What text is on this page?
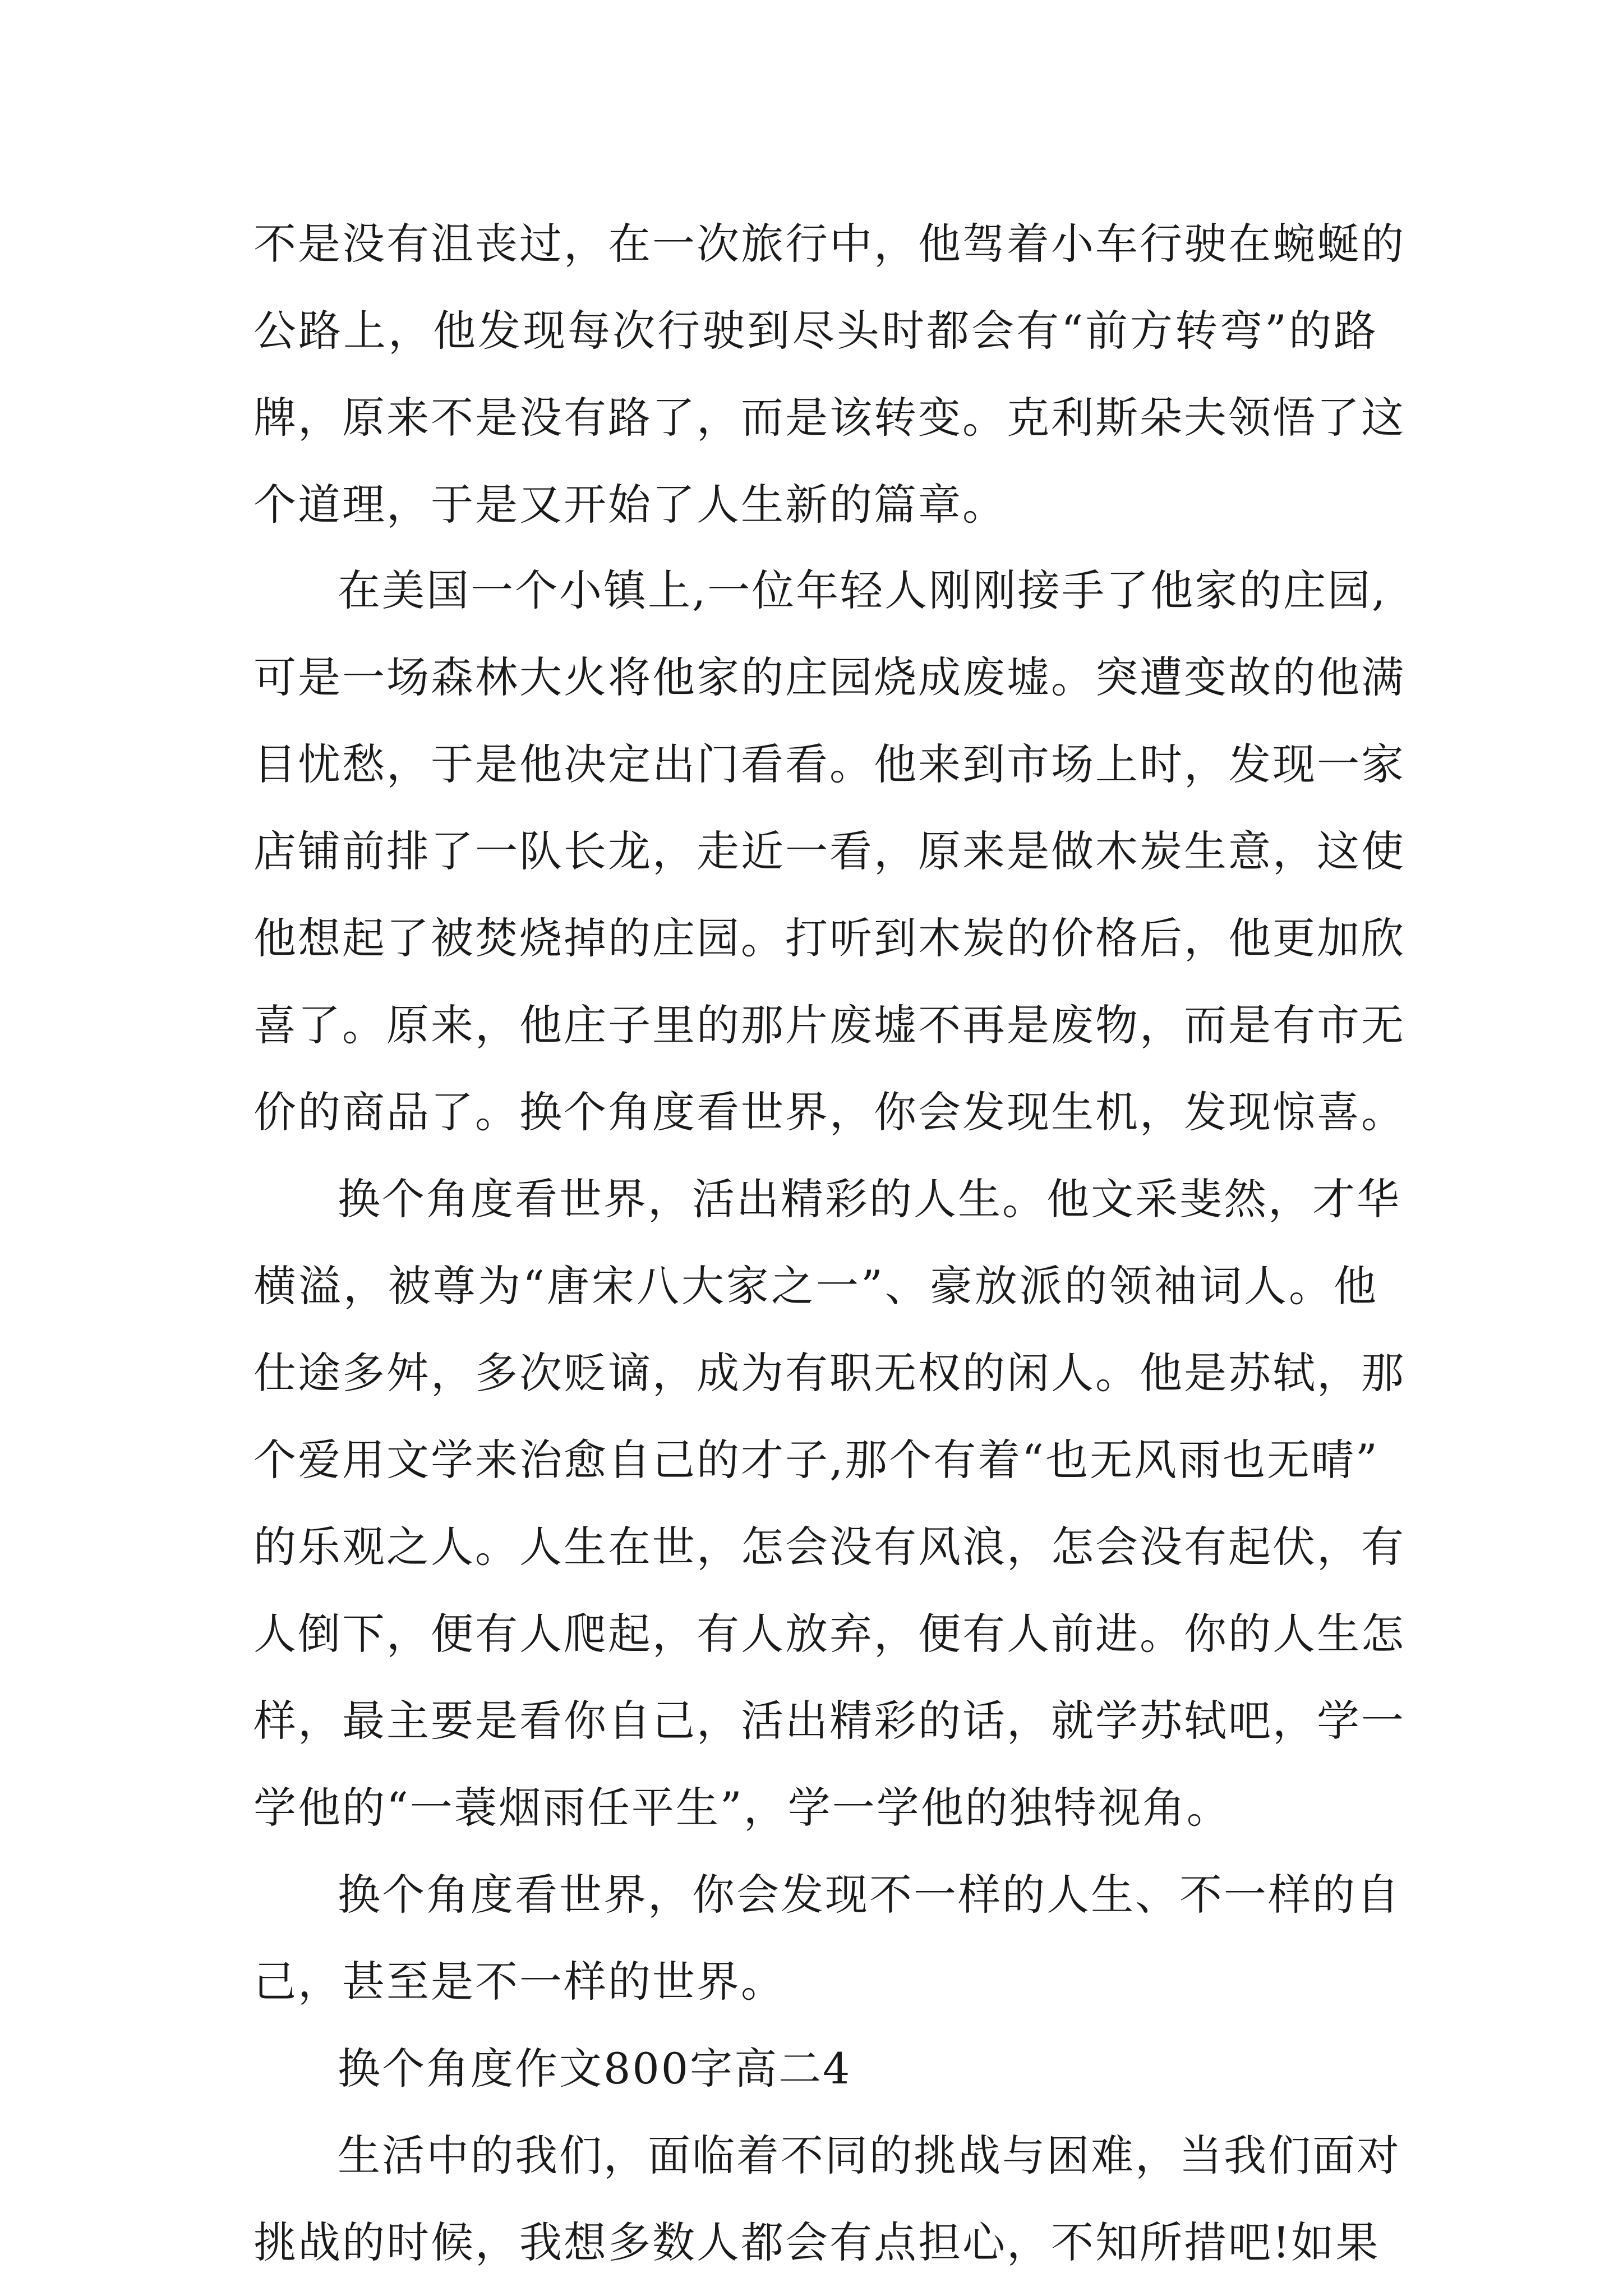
不是没有沮丧过，在一次旅行中，他驾着小车行驶在蜿蜒的
公路上，他发现每次行驶到尽头时都会有“前方转弯”的路
牌，原来不是没有路了，而是该转变。克利斯朵夫领悟了这
个道理，于是又开始了人生新的篇章。
在美国一个小镇上,一位年轻人刚刚接手了他家的庄园,
可是一场森林大火将他家的庄园烧成废墟。突遭变故的他满
目忧愁，于是他决定出门看看。他来到市场上时，发现一家
店铺前排了一队长龙，走近一看，原来是做木炭生意，这使
他想起了被焚烧掉的庄园。打听到木炭的价格后，他更加欣
喜了。原来，他庄子里的那片废墟不再是废物，而是有市无
价的商品了。换个角度看世界，你会发现生机，发现惊喜。
换个角度看世界，活出精彩的人生。他文采斐然，才华
横溢，被尊为“唐宋八大家之一”、豪放派的领袖词人。他
仕途多舛，多次贬谪，成为有职无权的闲人。他是苏轼，那
个爱用文学来治愈自己的才子,那个有着“也无风雨也无晴”
的乐观之人。人生在世，怎会没有风浪，怎会没有起伏，有
人倒下，便有人爬起，有人放弃，便有人前进。你的人生怎
样，最主要是看你自己，活出精彩的话，就学苏轼吧，学一
学他的“一蓑烟雨任平生”，学一学他的独特视角。
换个角度看世界，你会发现不一样的人生、不一样的自
己，甚至是不一样的世界。
换个角度作文800字高二4
生活中的我们，面临着不同的挑战与困难，当我们面对
挑战的时候，我想多数人都会有点担心，不知所措吧!如果
